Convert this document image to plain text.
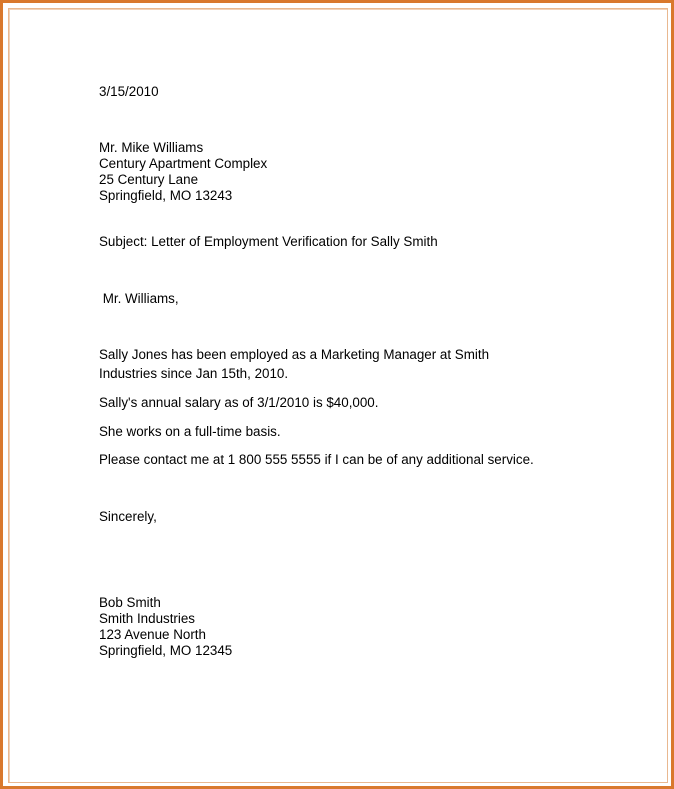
3/15/2010
Mr. Mike Williams
Century Apartment Complex
25 Century Lane
Springfield, MO 13243
Subject: Letter of Employment Verification for Sally Smith
Mr. Williams,
Sally Jones has been employed as a Marketing Manager at Smith
Industries since Jan 15th, 2010.
Sally's annual salary as of 3/1/2010 is $40,000.
She works on a full-time basis.
Please contact me at 1 800 555 5555 if I can be of any additional service.
Sincerely,
Bob Smith
Smith Industries
123 Avenue North
Springfield, MO 12345
